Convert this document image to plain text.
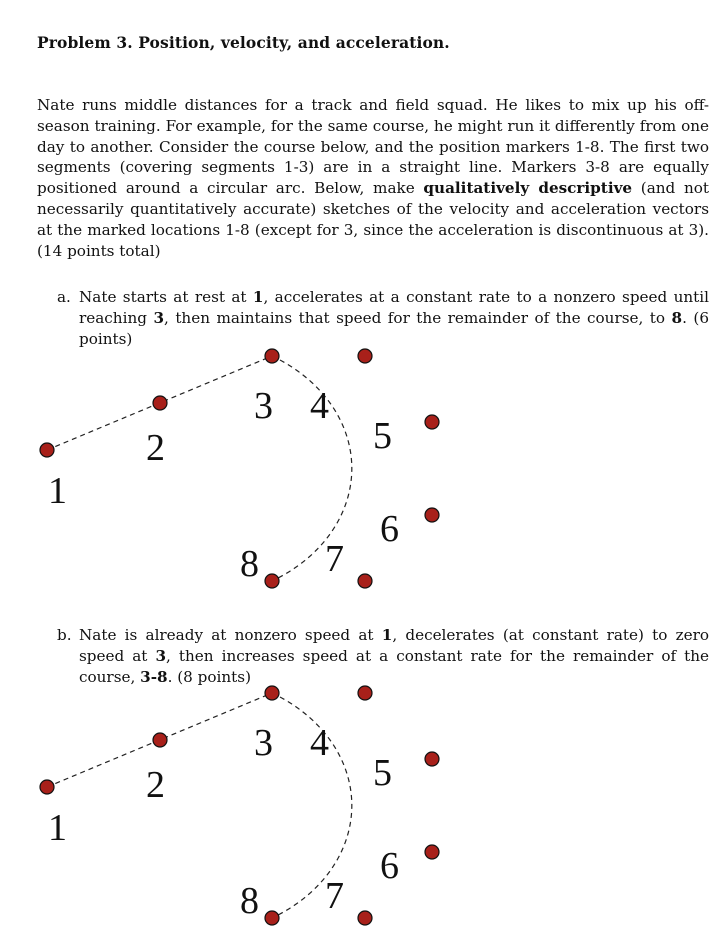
Problem 3. Position, velocity, and acceleration.
Nate runs middle distances for a track and field squad. He likes to mix up his off-season training. For example, for the same course, he might run it differently from one day to another. Consider the course below, and the position markers 1-8. The first two segments (covering segments 1-3) are in a straight line. Markers 3-8 are equally positioned around a circular arc. Below, make qualitatively descriptive (and not necessarily quantitatively accurate) sketches of the velocity and acceleration vectors at the marked locations 1-8 (except for 3, since the acceleration is discontinuous at 3). (14 points total)
a. Nate starts at rest at 1, accelerates at a constant rate to a nonzero speed until reaching 3, then maintains that speed for the remainder of the course, to 8. (6 points)
1
2
3 4
5
6
7
8
b. Nate is already at nonzero speed at 1, decelerates (at constant rate) to zero speed at 3, then increases speed at a constant rate for the remainder of the course, 3-8. (8 points)
1
2
3 4
5
6
7
8
